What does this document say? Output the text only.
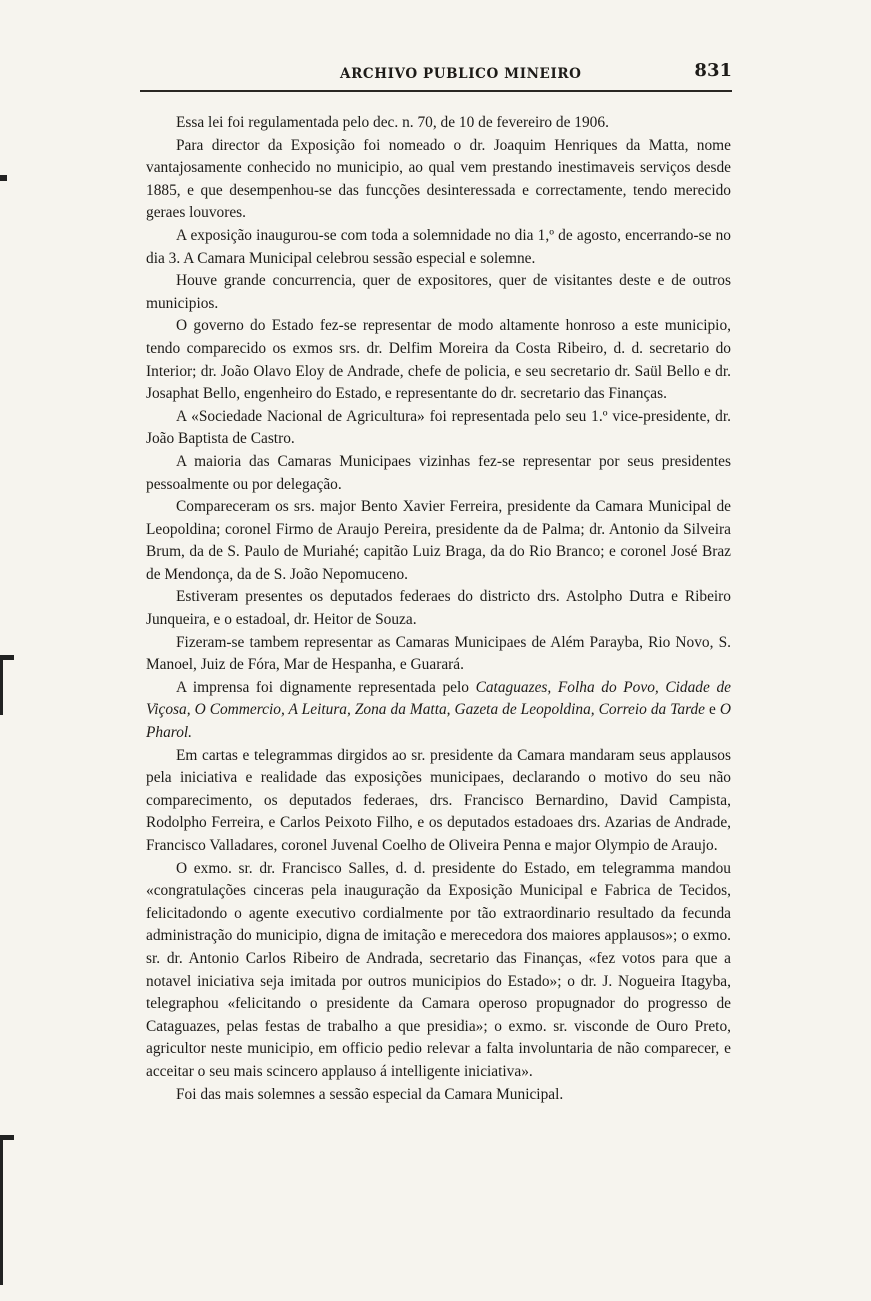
ARCHIVO PUBLICO MINEIRO	831

Essa lei foi regulamentada pelo dec. n. 70, de 10 de fevereiro de 1906.

Para director da Exposição foi nomeado o dr. Joaquim Henriques da Matta, nome vantajosamente conhecido no municipio, ao qual vem prestando inestimaveis serviços desde 1885, e que desempenhou-se das funcções desinteressada e correctamente, tendo merecido geraes louvores.

A exposição inaugurou-se com toda a solemnidade no dia 1,º de agosto, encerrando-se no dia 3. A Camara Municipal celebrou sessão especial e solemne.

Houve grande concurrencia, quer de expositores, quer de visitantes deste e de outros municipios.

O governo do Estado fez-se representar de modo altamente honroso a este municipio, tendo comparecido os exmos srs. dr. Delfim Moreira da Costa Ribeiro, d. d. secretario do Interior; dr. João Olavo Eloy de Andrade, chefe de policia, e seu secretario dr. Saül Bello e dr. Josaphat Bello, engenheiro do Estado, e representante do dr. secretario das Finanças.

A «Sociedade Nacional de Agricultura» foi representada pelo seu 1.º vice-presidente, dr. João Baptista de Castro.

A maioria das Camaras Municipaes vizinhas fez-se representar por seus presidentes pessoalmente ou por delegação.

Compareceram os srs. major Bento Xavier Ferreira, presidente da Camara Municipal de Leopoldina; coronel Firmo de Araujo Pereira, presidente da de Palma; dr. Antonio da Silveira Brum, da de S. Paulo de Muriahé; capitão Luiz Braga, da do Rio Branco; e coronel José Braz de Mendonça, da de S. João Nepomuceno.

Estiveram presentes os deputados federaes do districto drs. Astolpho Dutra e Ribeiro Junqueira, e o estadoal, dr. Heitor de Souza.

Fizeram-se tambem representar as Camaras Municipaes de Além Parayba, Rio Novo, S. Manoel, Juiz de Fóra, Mar de Hespanha, e Guarará.

A imprensa foi dignamente representada pelo Cataguazes, Folha do Povo, Cidade de Viçosa, O Commercio, A Leitura, Zona da Matta, Gazeta de Leopoldina, Correio da Tarde e O Pharol.

Em cartas e telegrammas dirgidos ao sr. presidente da Camara mandaram seus applausos pela iniciativa e realidade das exposições municipaes, declarando o motivo do seu não comparecimento, os deputados federaes, drs. Francisco Bernardino, David Campista, Rodolpho Ferreira, e Carlos Peixoto Filho, e os deputados estadoaes drs. Azarias de Andrade, Francisco Valladares, coronel Juvenal Coelho de Oliveira Penna e major Olympio de Araujo.

O exmo. sr. dr. Francisco Salles, d. d. presidente do Estado, em telegramma mandou «congratulações cinceras pela inauguração da Exposição Municipal e Fabrica de Tecidos, felicitadondo o agente executivo cordialmente por tão extraordinario resultado da fecunda administração do municipio, digna de imitação e merecedora dos maiores applausos»; o exmo. sr. dr. Antonio Carlos Ribeiro de Andrada, secretario das Finanças, «fez votos para que a notavel iniciativa seja imitada por outros municipios do Estado»; o dr. J. Nogueira Itagyba, telegraphou «felicitando o presidente da Camara operoso propugnador do progresso de Cataguazes, pelas festas de trabalho a que presidia»; o exmo. sr. visconde de Ouro Preto, agricultor neste municipio, em officio pedio relevar a falta involuntaria de não comparecer, e acceitar o seu mais scincero applauso á intelligente iniciativa».

Foi das mais solemnes a sessão especial da Camara Municipal.
